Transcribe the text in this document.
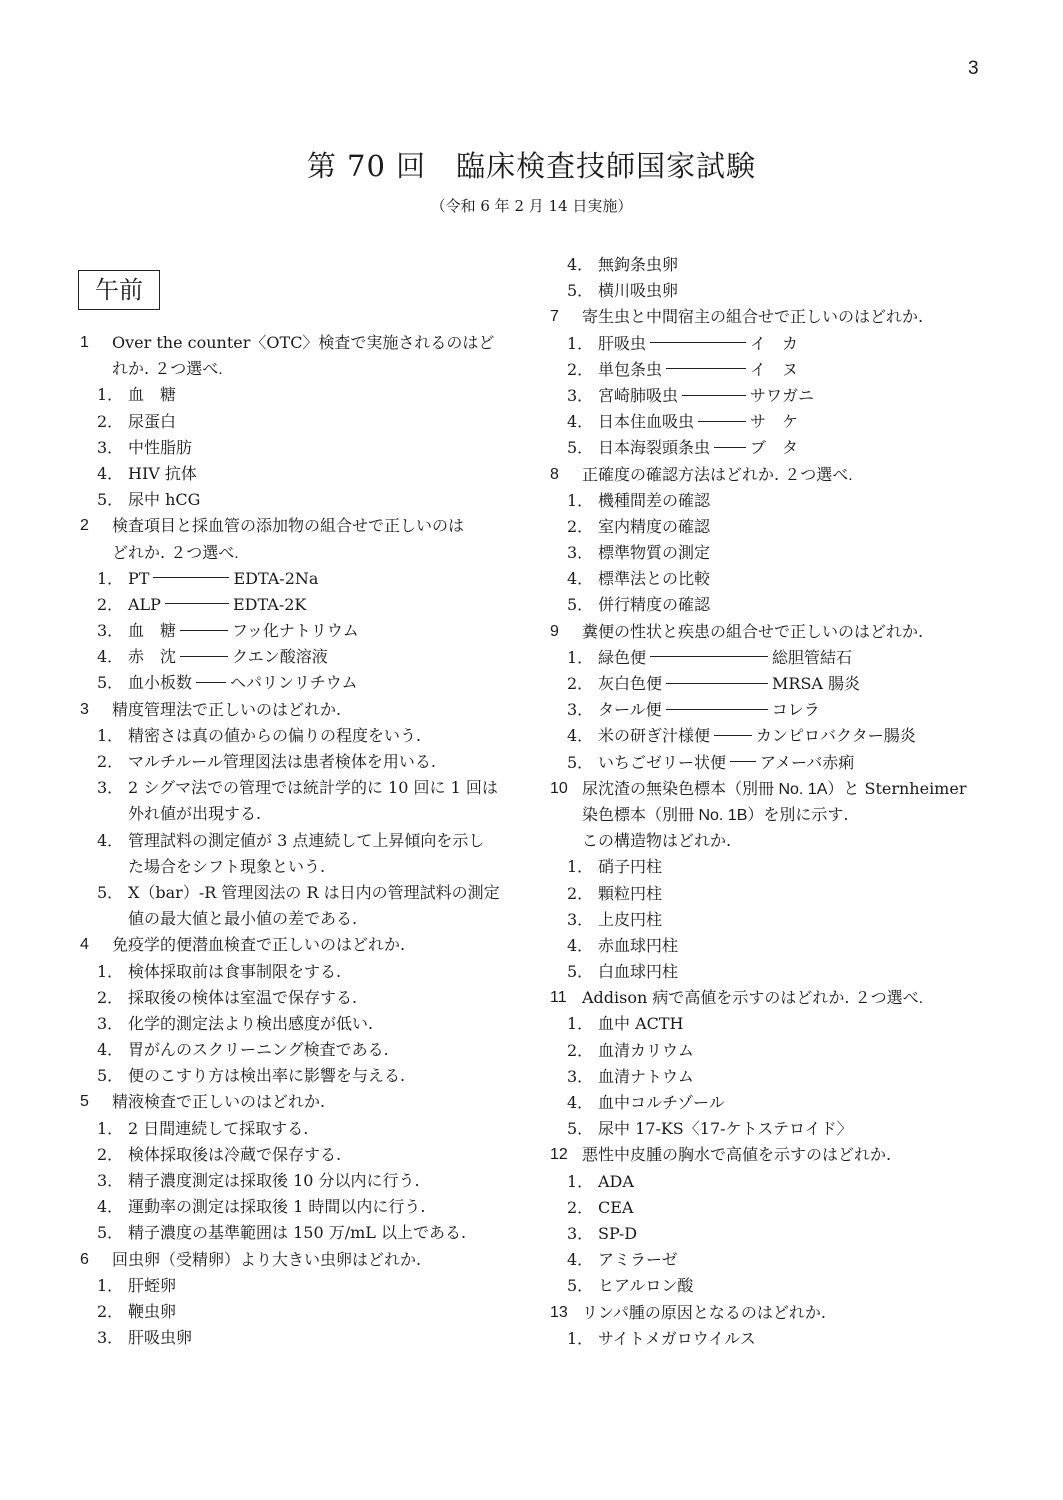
3
第 70 回　臨床検査技師国家試験
（令和 6 年 2 月 14 日実施）
午前
1	Over the counter〈OTC〉検査で実施されるのはど
れか. ２つ選べ.
1． 血　糖
2． 尿蛋白
3． 中性脂肪
4． HIV 抗体
5． 尿中 hCG
2	検査項目と採血管の添加物の組合せで正しいのは
どれか. ２つ選べ.
1． PT	EDTA-2Na
2． ALP	EDTA-2K
3． 血　糖	フッ化ナトリウム
4． 赤　沈	クエン酸溶液
5． 血小板数 ヘパリンリチウム
3	精度管理法で正しいのはどれか.
1． 精密さは真の値からの偏りの程度をいう.
2． マルチルール管理図法は患者検体を用いる.
3． 2 シグマ法での管理では統計学的に 10 回に 1 回は
外れ値が出現する.
4． 管理試料の測定値が 3 点連続して上昇傾向を示し
た場合をシフト現象という.
5． X（bar）-R 管理図法の R は日内の管理試料の測定
値の最大値と最小値の差である.
4	免疫学的便潜血検査で正しいのはどれか.
1． 検体採取前は食事制限をする.
2． 採取後の検体は室温で保存する.
3． 化学的測定法より検出感度が低い.
4． 胃がんのスクリーニング検査である.
5． 便のこすり方は検出率に影響を与える.
5	精液検査で正しいのはどれか.
1． 2 日間連続して採取する.
2． 検体採取後は冷蔵で保存する.
3． 精子濃度測定は採取後 10 分以内に行う.
4． 運動率の測定は採取後 1 時間以内に行う.
5． 精子濃度の基準範囲は 150 万/mL 以上である.
6	回虫卵（受精卵）より大きい虫卵はどれか.
1． 肝蛭卵
2． 鞭虫卵
3． 肝吸虫卵
4． 無鉤条虫卵
5． 横川吸虫卵
7	寄生虫と中間宿主の組合せで正しいのはどれか.
1． 肝吸虫	イ　カ
2． 単包条虫	イ　ヌ
3． 宮崎肺吸虫	サワガニ
4． 日本住血吸虫	サ　ケ
5． 日本海裂頭条虫	ブ　タ
8	正確度の確認方法はどれか. ２つ選べ.
1． 機種間差の確認
2． 室内精度の確認
3． 標準物質の測定
4． 標準法との比較
5． 併行精度の確認
9	糞便の性状と疾患の組合せで正しいのはどれか.
1． 緑色便	総胆管結石
2． 灰白色便	MRSA 腸炎
3． タール便	コレラ
4． 米の研ぎ汁様便	カンピロバクター腸炎
5． いちごゼリー状便 アメーバ赤痢
10 尿沈渣の無染色標本（別冊 No. 1A）と Sternheimer
染色標本（別冊 No. 1B）を別に示す.
この構造物はどれか.
1． 硝子円柱
2． 顆粒円柱
3． 上皮円柱
4． 赤血球円柱
5． 白血球円柱
11 Addison 病で高値を示すのはどれか. ２つ選べ.
1． 血中 ACTH
2． 血清カリウム
3． 血清ナトウム
4． 血中コルチゾール
5． 尿中 17-KS〈17-ケトステロイド〉
12 悪性中皮腫の胸水で高値を示すのはどれか.
1． ADA
2． CEA
3． SP-D
4． アミラーゼ
5． ヒアルロン酸
13 リンパ腫の原因となるのはどれか.
1． サイトメガロウイルス
